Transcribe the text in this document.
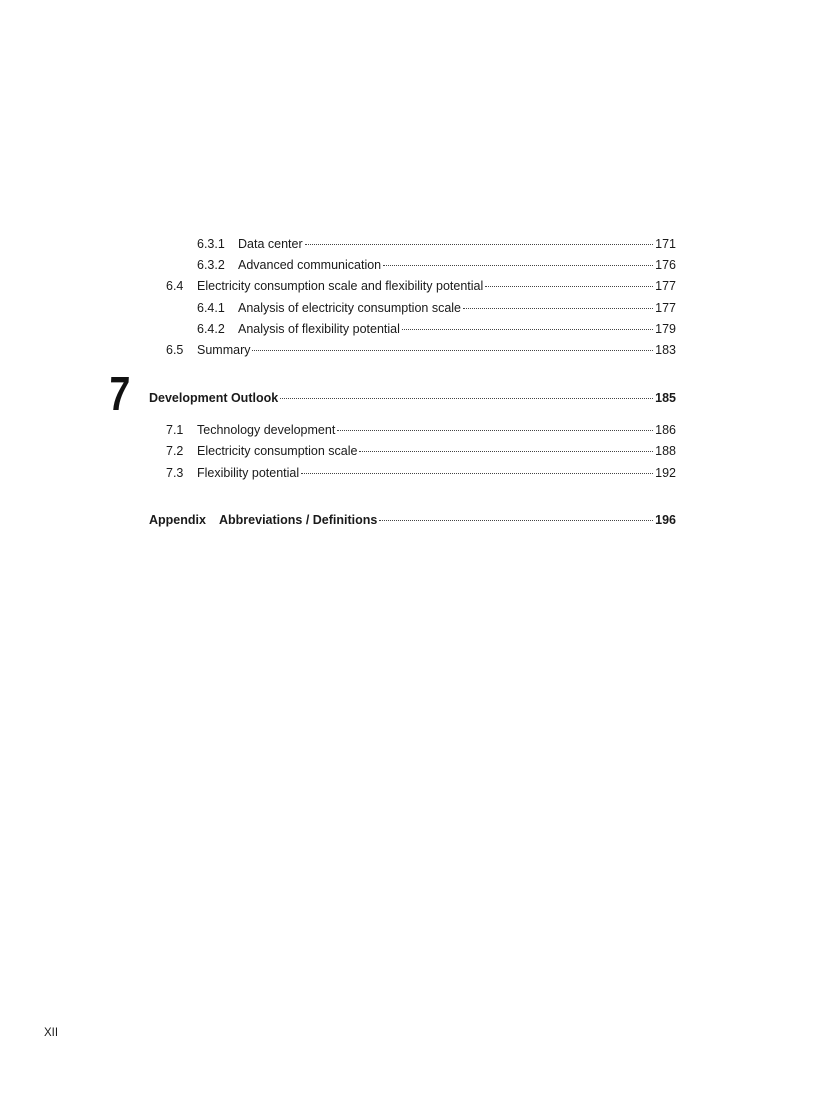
6.3.1	Data center	171
6.3.2	Advanced communication	176
6.4	Electricity consumption scale and flexibility potential	177
6.4.1	Analysis of electricity consumption scale	177
6.4.2	Analysis of flexibility potential	179
6.5	Summary	183
7 Development Outlook	185
7.1	Technology development	186
7.2	Electricity consumption scale	188
7.3	Flexibility potential	192
Appendix	Abbreviations / Definitions	196
XII
